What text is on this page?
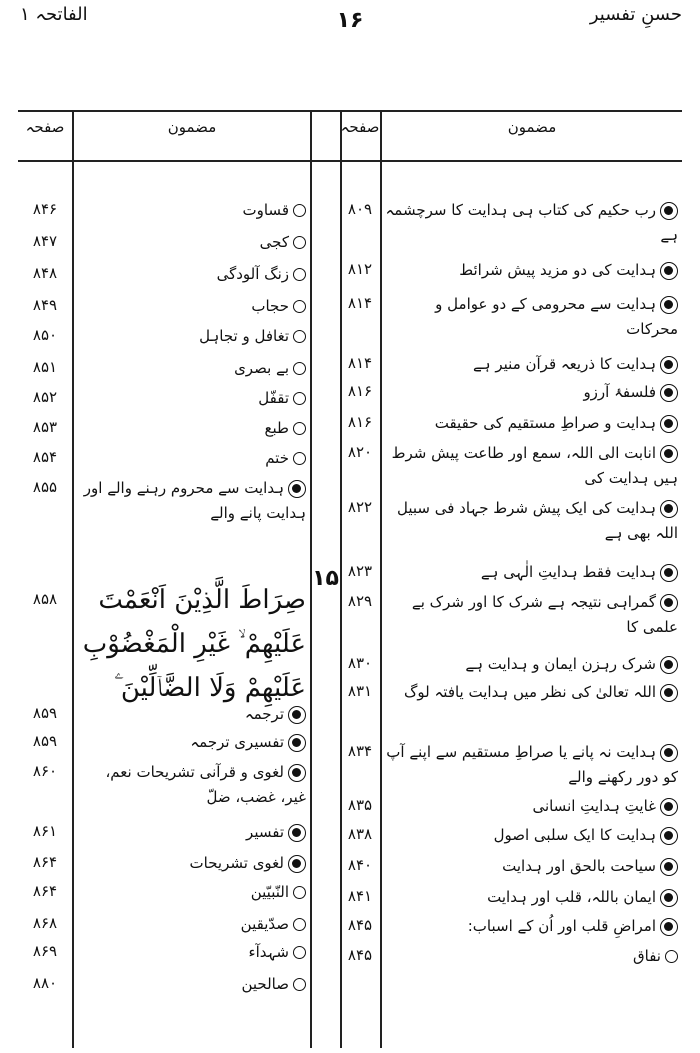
حسنِ تفسیر
الفاتحہ ۱	۱۶
مضمون
صفحہ
مضمون
صفحہ
۱۵
رب حکیم کی کتاب ہی ہدایت کا سرچشمہ ہے
۸۰۹
ہدایت کی دو مزید پیش شرائط
۸۱۲
ہدایت سے محرومی کے دو عوامل و محرکات
۸۱۴
ہدایت کا ذریعہ قرآن منیر ہے
۸۱۴
فلسفۂ آرزو
۸۱۶
ہدایت و صراطِ مستقیم کی حقیقت
۸۱۶
انابت الی اللہ، سمع اور طاعت پیش شرط ہیں ہدایت کی
۸۲۰
ہدایت کی ایک پیش شرط جہاد فی سبیل اللہ بھی ہے
۸۲۲
ہدایت فقط ہدایتِ الٰہی ہے
۸۲۳
گمراہی نتیجہ ہے شرک کا اور شرک بے علمی کا
۸۲۹
شرک رہزن ایمان و ہدایت ہے
۸۳۰
اللہ تعالیٰ کی نظر میں ہدایت یافتہ لوگ
۸۳۱
ہدایت نہ پانے یا صراطِ مستقیم سے اپنے آپ کو دور رکھنے والے
۸۳۴
غایتِ ہدایتِ انسانی
۸۳۵
ہدایت کا ایک سلبی اصول
۸۳۸
سیاحت بالحق اور ہدایت
۸۴۰
ایمان باللہ، قلب اور ہدایت
۸۴۱
امراضِ قلب اور اُن کے اسباب:
۸۴۵
نفاق
۸۴۵
قساوت
۸۴۶
کجی
۸۴۷
زنگ آلودگی
۸۴۸
حجاب
۸۴۹
تغافل و تجاہل
۸۵۰
بے بصری
۸۵۱
تقفّل
۸۵۲
طبع
۸۵۳
ختم
۸۵۴
ہدایت سے محروم رہنے والے اور ہدایت پانے والے
۸۵۵
ترجمہ
۸۵۹
تفسیری ترجمہ
۸۵۹
لغوی و قرآنی تشریحات نعم، غیر، غضب، ضلّ
۸۶۰
تفسیر
۸۶۱
لغوی تشریحات
۸۶۴
النّبیّین
۸۶۴
صدّیقین
۸۶۸
شہدآء
۸۶۹
صالحین
۸۸۰
صِرَاطَ الَّذِيْنَ اَنْعَمْتَ
عَلَيْهِمْ ۙ غَيْرِ الْمَغْضُوْبِ
عَلَيْهِمْ وَلَا الضَّاۤلِّيْنَ ۧ
۸۵۸
